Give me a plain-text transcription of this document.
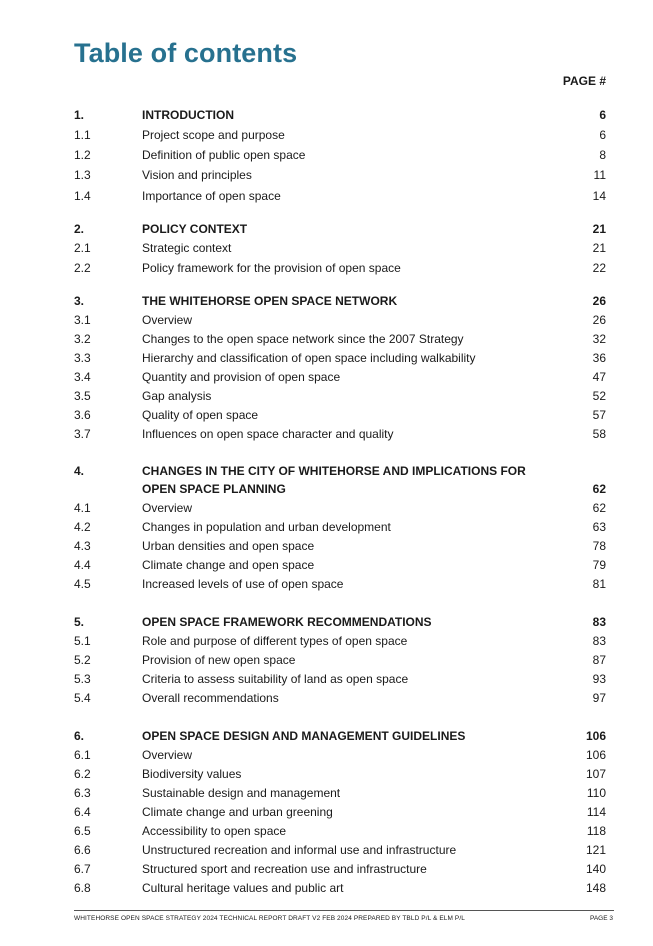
Table of contents
PAGE #
1.	INTRODUCTION	6
1.1	Project scope and purpose	6
1.2	Definition of public open space	8
1.3	Vision and principles	11
1.4	Importance of open space	14
2.	POLICY CONTEXT	21
2.1	Strategic context	21
2.2	Policy framework for the provision of open space	22
3.	THE WHITEHORSE OPEN SPACE NETWORK	26
3.1	Overview	26
3.2	Changes to the open space network since the 2007 Strategy	32
3.3	Hierarchy and classification of open space including walkability	36
3.4	Quantity and provision of open space	47
3.5	Gap analysis	52
3.6	Quality of open space	57
3.7	Influences on open space character and quality	58
4.	CHANGES IN THE CITY OF WHITEHORSE AND IMPLICATIONS FOR OPEN SPACE PLANNING	62
4.1	Overview	62
4.2	Changes in population and urban development	63
4.3	Urban densities and open space	78
4.4	Climate change and open space	79
4.5	Increased levels of use of open space	81
5.	OPEN SPACE FRAMEWORK RECOMMENDATIONS	83
5.1	Role and purpose of different types of open space	83
5.2	Provision of new open space	87
5.3	Criteria to assess suitability of land as open space	93
5.4	Overall recommendations	97
6.	OPEN SPACE DESIGN AND MANAGEMENT GUIDELINES	106
6.1	Overview	106
6.2	Biodiversity values	107
6.3	Sustainable design and management	110
6.4	Climate change and urban greening	114
6.5	Accessibility to open space	118
6.6	Unstructured recreation and informal use and infrastructure	121
6.7	Structured sport and recreation use and infrastructure	140
6.8	Cultural heritage values and public art	148
WHITEHORSE OPEN SPACE STRATEGY 2024 TECHNICAL REPORT DRAFT V2 FEB 2024 PREPARED BY TBLD P/L & ELM P/L	PAGE 3
